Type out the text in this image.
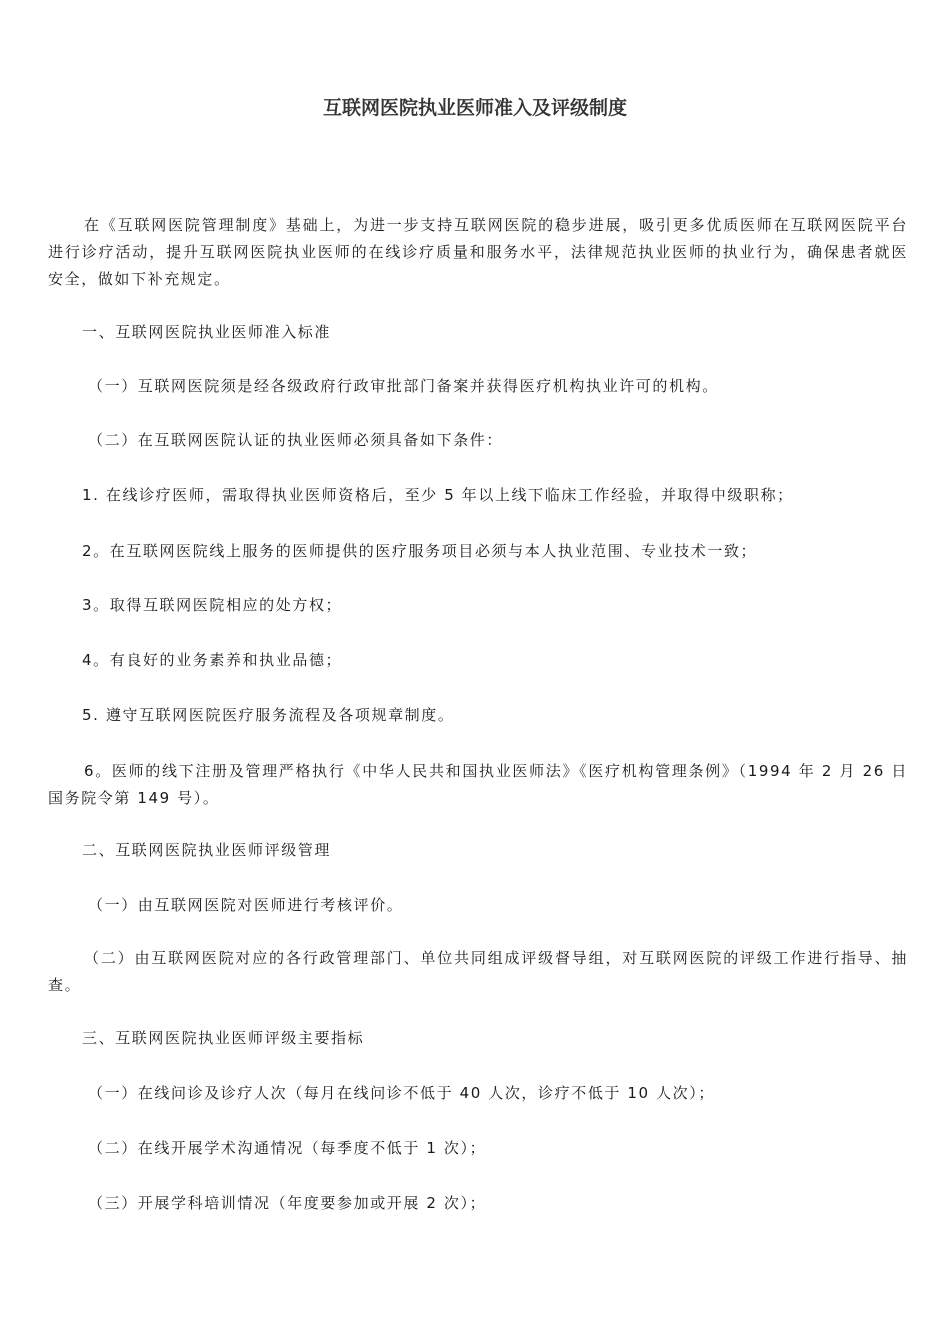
互联网医院执业医师准入及评级制度
在《互联网医院管理制度》基础上，为进一步支持互联网医院的稳步进展，吸引更多优质医师在互联网医院平台进行诊疗活动，提升互联网医院执业医师的在线诊疗质量和服务水平，法律规范执业医师的执业行为，确保患者就医安全，做如下补充规定。
一、互联网医院执业医师准入标准
（一）互联网医院须是经各级政府行政审批部门备案并获得医疗机构执业许可的机构。
（二）在互联网医院认证的执业医师必须具备如下条件：
1. 在线诊疗医师，需取得执业医师资格后，至少 5 年以上线下临床工作经验，并取得中级职称；
2。在互联网医院线上服务的医师提供的医疗服务项目必须与本人执业范围、专业技术一致；
3。取得互联网医院相应的处方权；
4。有良好的业务素养和执业品德；
5. 遵守互联网医院医疗服务流程及各项规章制度。
6。医师的线下注册及管理严格执行《中华人民共和国执业医师法》《医疗机构管理条例》（1994 年 2 月 26 日国务院令第 149 号）。
二、互联网医院执业医师评级管理
（一）由互联网医院对医师进行考核评价。
（二）由互联网医院对应的各行政管理部门、单位共同组成评级督导组，对互联网医院的评级工作进行指导、抽查。
三、互联网医院执业医师评级主要指标
（一）在线问诊及诊疗人次（每月在线问诊不低于 40 人次，诊疗不低于 10 人次）；
（二）在线开展学术沟通情况（每季度不低于 1 次）；
（三）开展学科培训情况（年度要参加或开展 2 次）；
